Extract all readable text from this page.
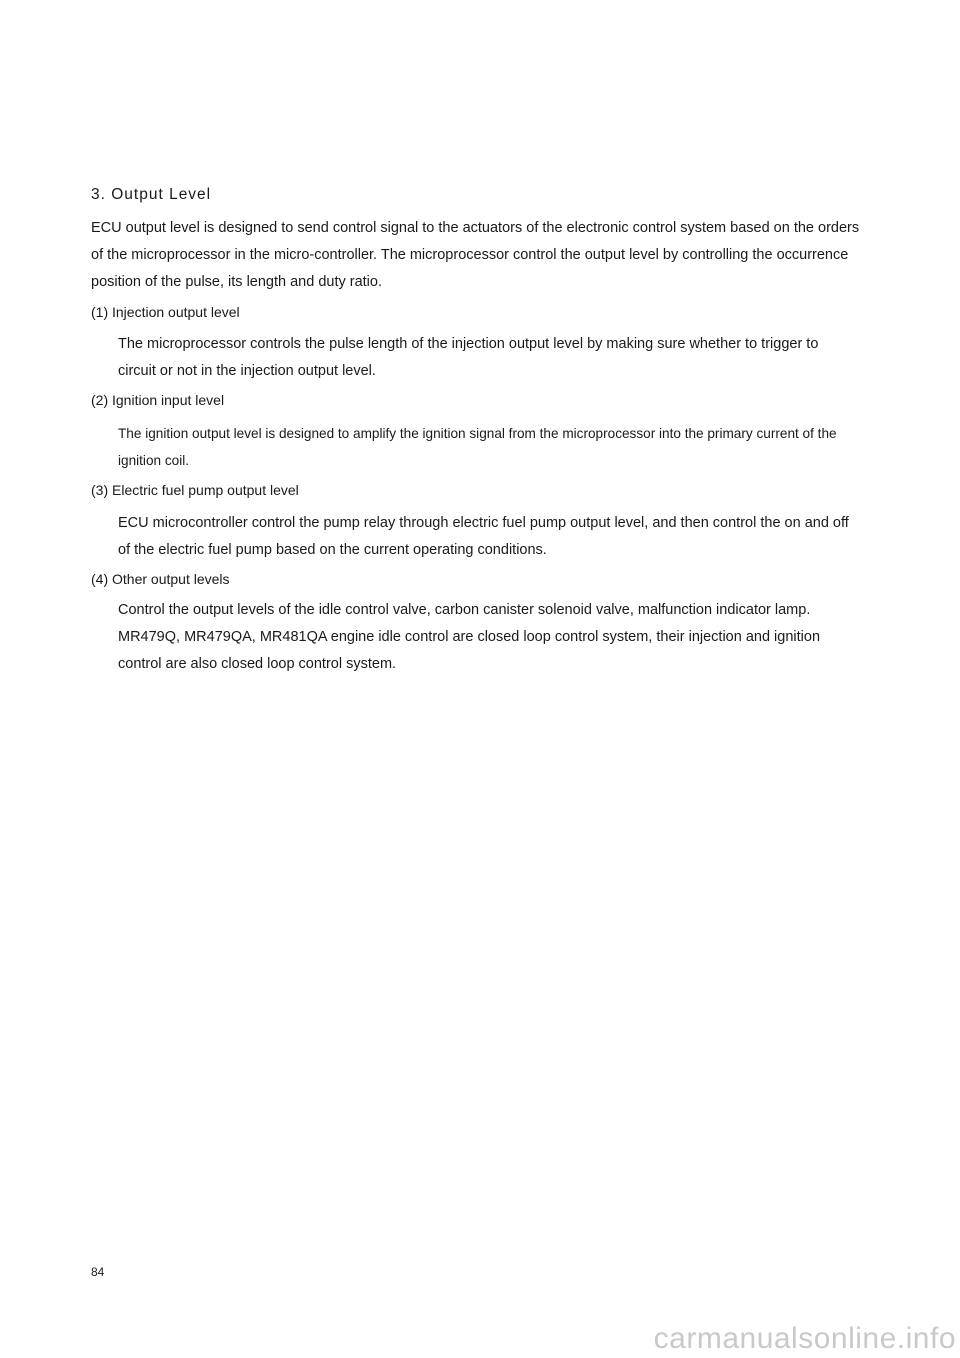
3. Output Level

ECU output level is designed to send control signal to the actuators of the electronic control system based on the orders of the microprocessor in the micro-controller. The microprocessor control the output level by controlling the occurrence position of the pulse, its length and duty ratio.

(1) Injection output level

The microprocessor controls the pulse length of the injection output level by making sure whether to trigger to circuit or not in the injection output level.

(2) Ignition input level

The ignition output level is designed to amplify the ignition signal from the microprocessor into the primary current of the ignition coil.

(3) Electric fuel pump output level

ECU microcontroller control the pump relay through electric fuel pump output level, and then control the on and off of the electric fuel pump based on the current operating conditions.

(4) Other output levels

Control the output levels of the idle control valve, carbon canister solenoid valve, malfunction indicator lamp. MR479Q, MR479QA, MR481QA engine idle control are closed loop control system, their injection and ignition control are also closed loop control system.

84

carmanualsonline.info
